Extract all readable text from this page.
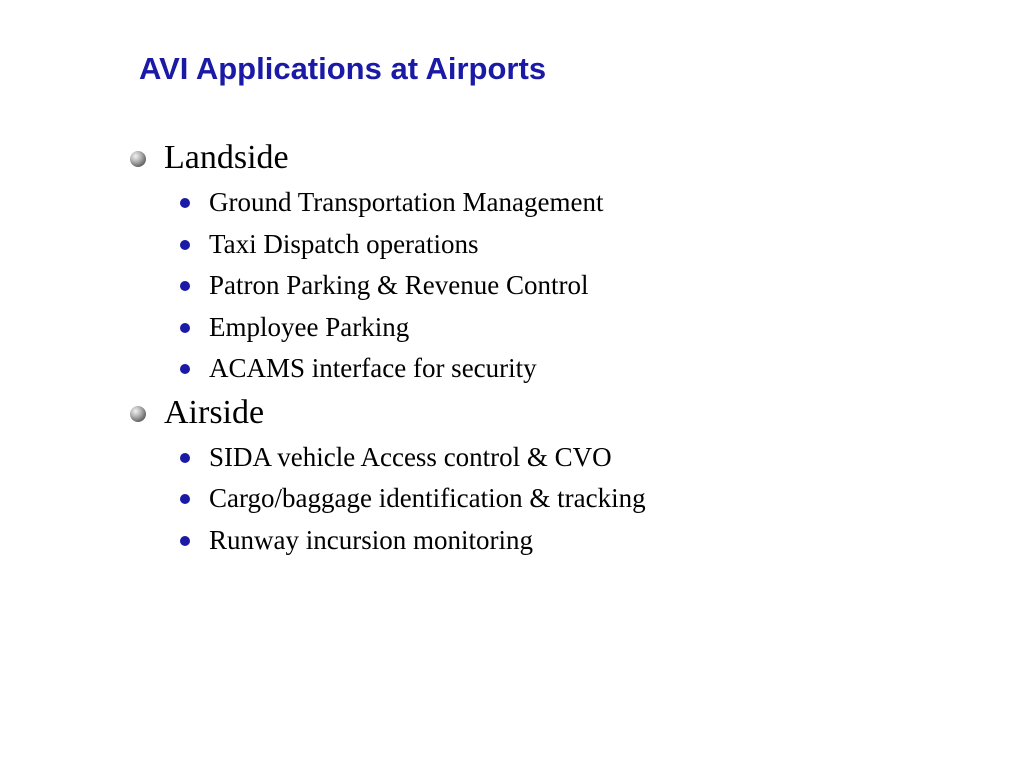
AVI Applications at Airports
Landside
Ground Transportation Management
Taxi Dispatch operations
Patron Parking & Revenue Control
Employee Parking
ACAMS interface for security
Airside
SIDA vehicle Access control & CVO
Cargo/baggage identification & tracking
Runway incursion monitoring
